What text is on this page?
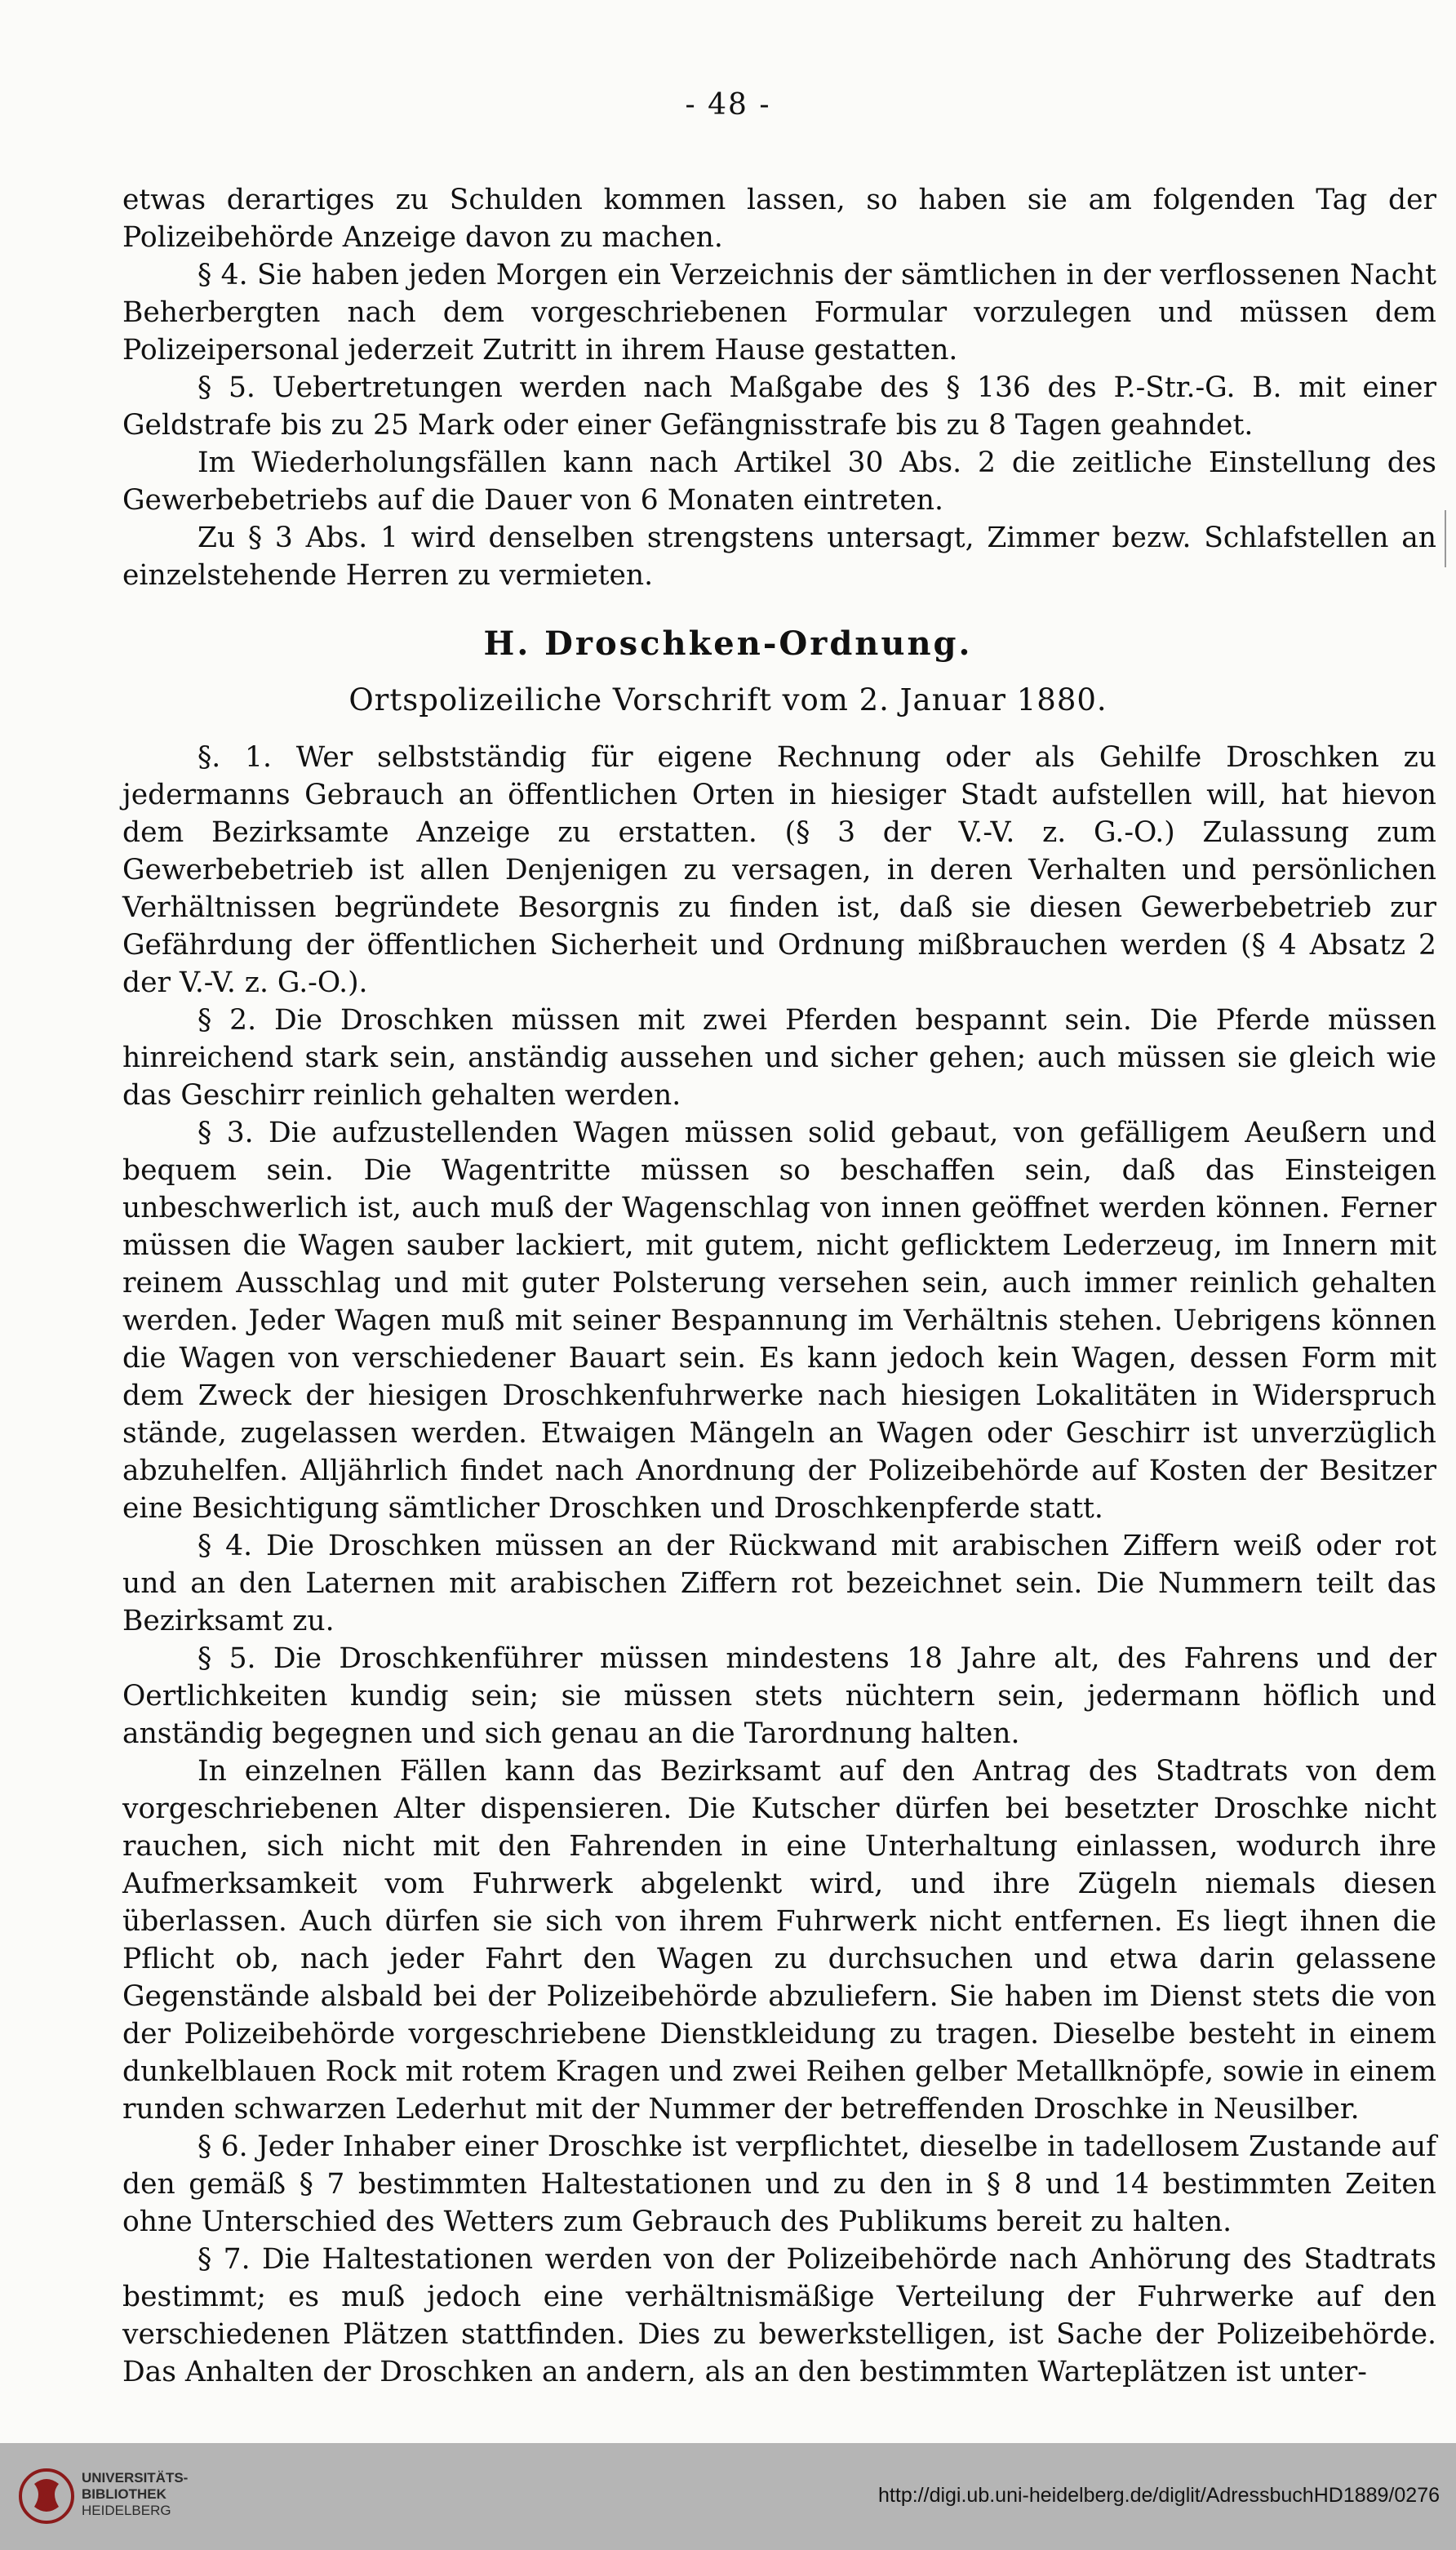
- 48 -

etwas derartiges zu Schulden kommen lassen, so haben sie am folgenden Tag der Polizeibehörde Anzeige davon zu machen.

§ 4. Sie haben jeden Morgen ein Verzeichnis der sämtlichen in der verflossenen Nacht Beherbergten nach dem vorgeschriebenen Formular vorzulegen und müssen dem Polizeipersonal jederzeit Zutritt in ihrem Hause gestatten.

§ 5. Uebertretungen werden nach Maßgabe des § 136 des P.-Str.-G. B. mit einer Geldstrafe bis zu 25 Mark oder einer Gefängnisstrafe bis zu 8 Tagen geahndet.

Im Wiederholungsfällen kann nach Artikel 30 Abs. 2 die zeitliche Einstellung des Gewerbebetriebs auf die Dauer von 6 Monaten eintreten.

Zu § 3 Abs. 1 wird denselben strengstens untersagt, Zimmer bezw. Schlafstellen an einzelstehende Herren zu vermieten.

H. Droschken-Ordnung.
Ortspolizeiliche Vorschrift vom 2. Januar 1880.

§. 1. Wer selbstständig für eigene Rechnung oder als Gehilfe Droschken zu jedermanns Gebrauch an öffentlichen Orten in hiesiger Stadt aufstellen will, hat hievon dem Bezirksamte Anzeige zu erstatten. (§ 3 der V.-V. z. G.-O.) Zulassung zum Gewerbebetrieb ist allen Denjenigen zu versagen, in deren Verhalten und persönlichen Verhältnissen begründete Besorgnis zu finden ist, daß sie diesen Gewerbebetrieb zur Gefährdung der öffentlichen Sicherheit und Ordnung mißbrauchen werden (§ 4 Absatz 2 der V.-V. z. G.-O.).

§ 2. Die Droschken müssen mit zwei Pferden bespannt sein. Die Pferde müssen hinreichend stark sein, anständig aussehen und sicher gehen; auch müssen sie gleich wie das Geschirr reinlich gehalten werden.

§ 3. Die aufzustellenden Wagen müssen solid gebaut, von gefälligem Aeußern und bequem sein. Die Wagentritte müssen so beschaffen sein, daß das Einsteigen unbeschwerlich ist, auch muß der Wagenschlag von innen geöffnet werden können. Ferner müssen die Wagen sauber lackiert, mit gutem, nicht geflicktem Lederzeug, im Innern mit reinem Ausschlag und mit guter Polsterung versehen sein, auch immer reinlich gehalten werden. Jeder Wagen muß mit seiner Bespannung im Verhältnis stehen. Uebrigens können die Wagen von verschiedener Bauart sein. Es kann jedoch kein Wagen, dessen Form mit dem Zweck der hiesigen Droschkenfuhrwerke nach hiesigen Lokalitäten in Widerspruch stände, zugelassen werden. Etwaigen Mängeln an Wagen oder Geschirr ist unverzüglich abzuhelfen. Alljährlich findet nach Anordnung der Polizeibehörde auf Kosten der Besitzer eine Besichtigung sämtlicher Droschken und Droschkenpferde statt.

§ 4. Die Droschken müssen an der Rückwand mit arabischen Ziffern weiß oder rot und an den Laternen mit arabischen Ziffern rot bezeichnet sein. Die Nummern teilt das Bezirksamt zu.

§ 5. Die Droschkenführer müssen mindestens 18 Jahre alt, des Fahrens und der Oertlichkeiten kundig sein; sie müssen stets nüchtern sein, jedermann höflich und anständig begegnen und sich genau an die Tarordnung halten.

In einzelnen Fällen kann das Bezirksamt auf den Antrag des Stadtrats von dem vorgeschriebenen Alter dispensieren. Die Kutscher dürfen bei besetzter Droschke nicht rauchen, sich nicht mit den Fahrenden in eine Unterhaltung einlassen, wodurch ihre Aufmerksamkeit vom Fuhrwerk abgelenkt wird, und ihre Zügeln niemals diesen überlassen. Auch dürfen sie sich von ihrem Fuhrwerk nicht entfernen. Es liegt ihnen die Pflicht ob, nach jeder Fahrt den Wagen zu durchsuchen und etwa darin gelassene Gegenstände alsbald bei der Polizeibehörde abzuliefern. Sie haben im Dienst stets die von der Polizeibehörde vorgeschriebene Dienstkleidung zu tragen. Dieselbe besteht in einem dunkelblauen Rock mit rotem Kragen und zwei Reihen gelber Metallknöpfe, sowie in einem runden schwarzen Lederhut mit der Nummer der betreffenden Droschke in Neusilber.

§ 6. Jeder Inhaber einer Droschke ist verpflichtet, dieselbe in tadellosem Zustande auf den gemäß § 7 bestimmten Haltestationen und zu den in § 8 und 14 bestimmten Zeiten ohne Unterschied des Wetters zum Gebrauch des Publikums bereit zu halten.

§ 7. Die Haltestationen werden von der Polizeibehörde nach Anhörung des Stadtrats bestimmt; es muß jedoch eine verhältnismäßige Verteilung der Fuhrwerke auf den verschiedenen Plätzen stattfinden. Dies zu bewerkstelligen, ist Sache der Polizeibehörde. Das Anhalten der Droschken an andern, als an den bestimmten Warteplätzen ist unter-

UNIVERSITÄTS-
BIBLIOTHEK
HEIDELBERG
http://digi.ub.uni-heidelberg.de/diglit/AdressbuchHD1889/0276
